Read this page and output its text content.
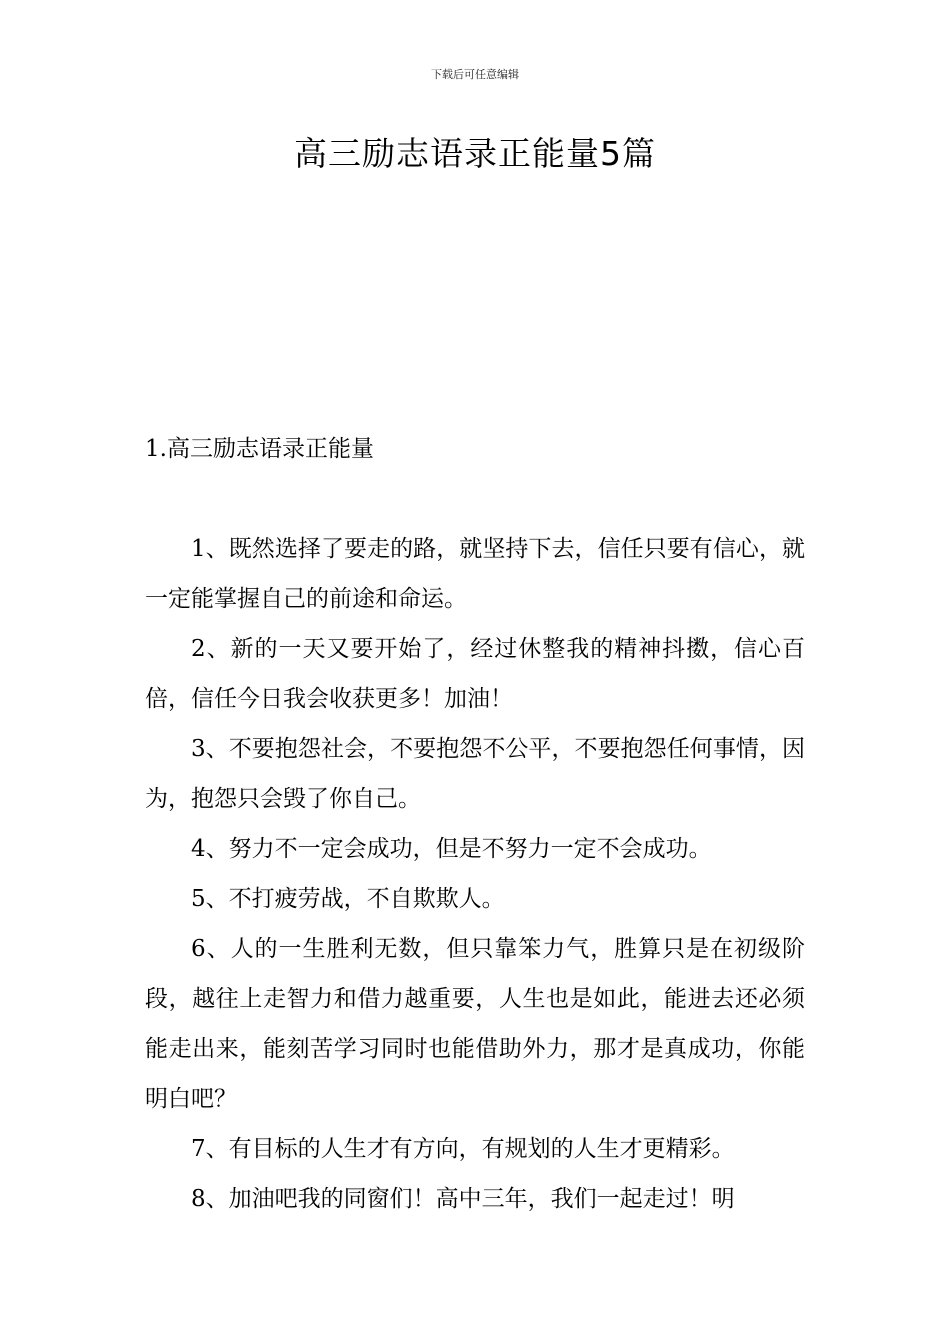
下载后可任意编辑
高三励志语录正能量5篇
1.高三励志语录正能量

1、既然选择了要走的路，就坚持下去，信任只要有信心，就一定能掌握自己的前途和命运。

2、新的一天又要开始了，经过休整我的精神抖擞，信心百倍，信任今日我会收获更多！加油！

3、不要抱怨社会，不要抱怨不公平，不要抱怨任何事情，因为，抱怨只会毁了你自己。

4、努力不一定会成功，但是不努力一定不会成功。

5、不打疲劳战，不自欺欺人。

6、人的一生胜利无数，但只靠笨力气，胜算只是在初级阶段，越往上走智力和借力越重要，人生也是如此，能进去还必须能走出来，能刻苦学习同时也能借助外力，那才是真成功，你能明白吧？

7、有目标的人生才有方向，有规划的人生才更精彩。

8、加油吧我的同窗们！高中三年，我们一起走过！明
